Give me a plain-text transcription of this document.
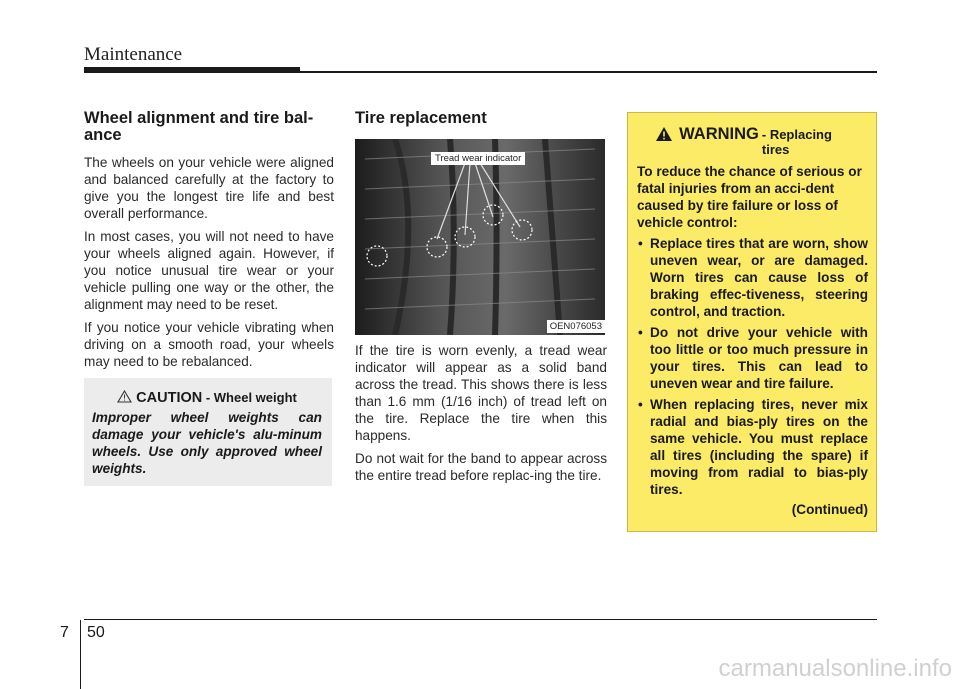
Maintenance
Wheel alignment and tire bal-ance

The wheels on your vehicle were aligned and balanced carefully at the factory to give you the longest tire life and best overall performance.

In most cases, you will not need to have your wheels aligned again. However, if you notice unusual tire wear or your vehicle pulling one way or the other, the alignment may need to be reset.

If you notice your vehicle vibrating when driving on a smooth road, your wheels may need to be rebalanced.

CAUTION - Wheel weight
Improper wheel weights can damage your vehicle's alu-minum wheels. Use only approved wheel weights.
Tire replacement
Tread wear indicator
OEN076053

If the tire is worn evenly, a tread wear indicator will appear as a solid band across the tread. This shows there is less than 1.6 mm (1/16 inch) of tread left on the tire. Replace the tire when this happens.

Do not wait for the band to appear across the entire tread before replac-ing the tire.

WARNING - Replacing tires

To reduce the chance of serious or fatal injuries from an acci-dent caused by tire failure or loss of vehicle control:

• Replace tires that are worn, show uneven wear, or are damaged. Worn tires can cause loss of braking effec-tiveness, steering control, and traction.
• Do not drive your vehicle with too little or too much pressure in your tires. This can lead to uneven wear and tire failure.
• When replacing tires, never mix radial and bias-ply tires on the same vehicle. You must replace all tires (including the spare) if moving from radial to bias-ply tires.
(Continued)
7 50
carmanualsonline.info
